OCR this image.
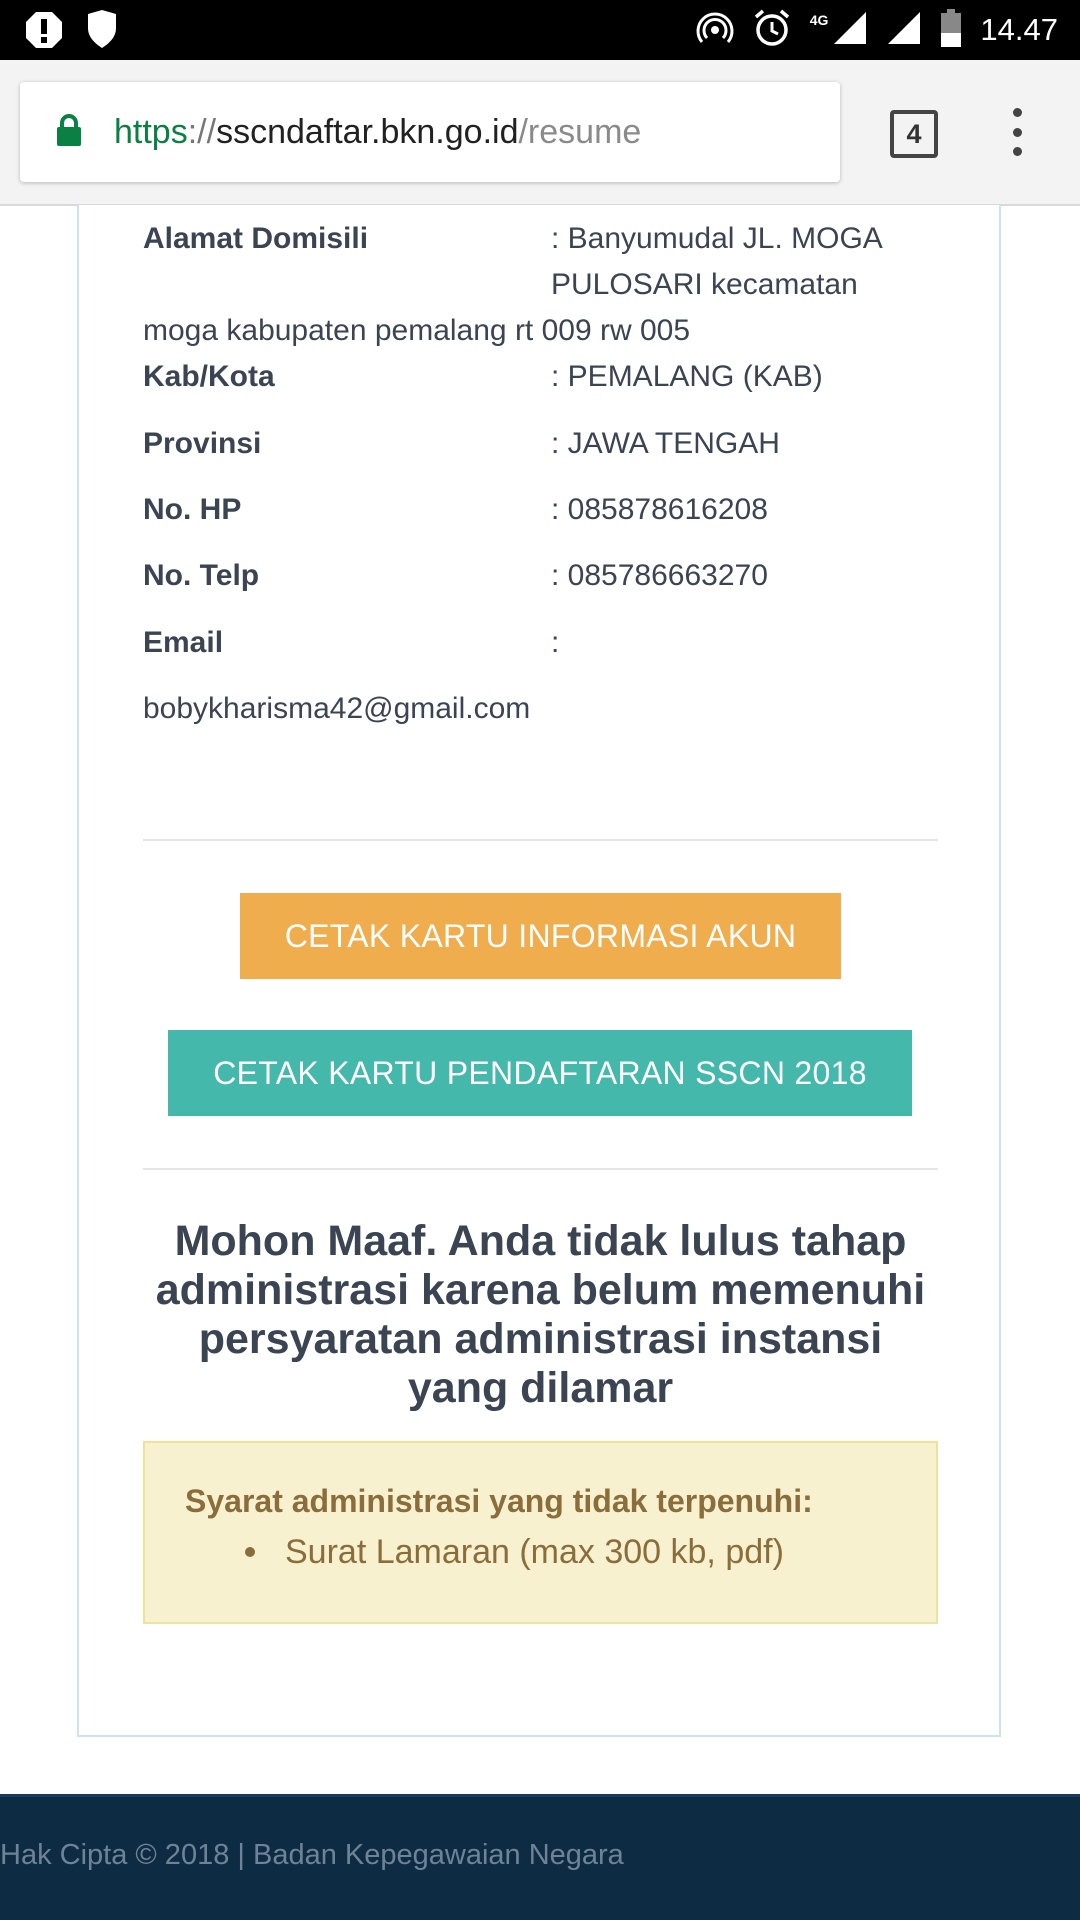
4G	14.47
https://sscndaftar.bkn.go.id/resume	4
Alamat Domisili	: Banyumudal JL. MOGA
PULOSARI kecamatan
moga kabupaten pemalang rt 009 rw 005
Kab/Kota	: PEMALANG (KAB)
Provinsi	: JAWA TENGAH
No. HP	: 085878616208
No. Telp	: 085786663270
Email	:
bobykharisma42@gmail.com
CETAK KARTU INFORMASI AKUN
CETAK KARTU PENDAFTARAN SSCN 2018
Mohon Maaf. Anda tidak lulus tahap administrasi karena belum memenuhi persyaratan administrasi instansi yang dilamar
Syarat administrasi yang tidak terpenuhi:
Surat Lamaran (max 300 kb, pdf)
Hak Cipta © 2018 | Badan Kepegawaian Negara
